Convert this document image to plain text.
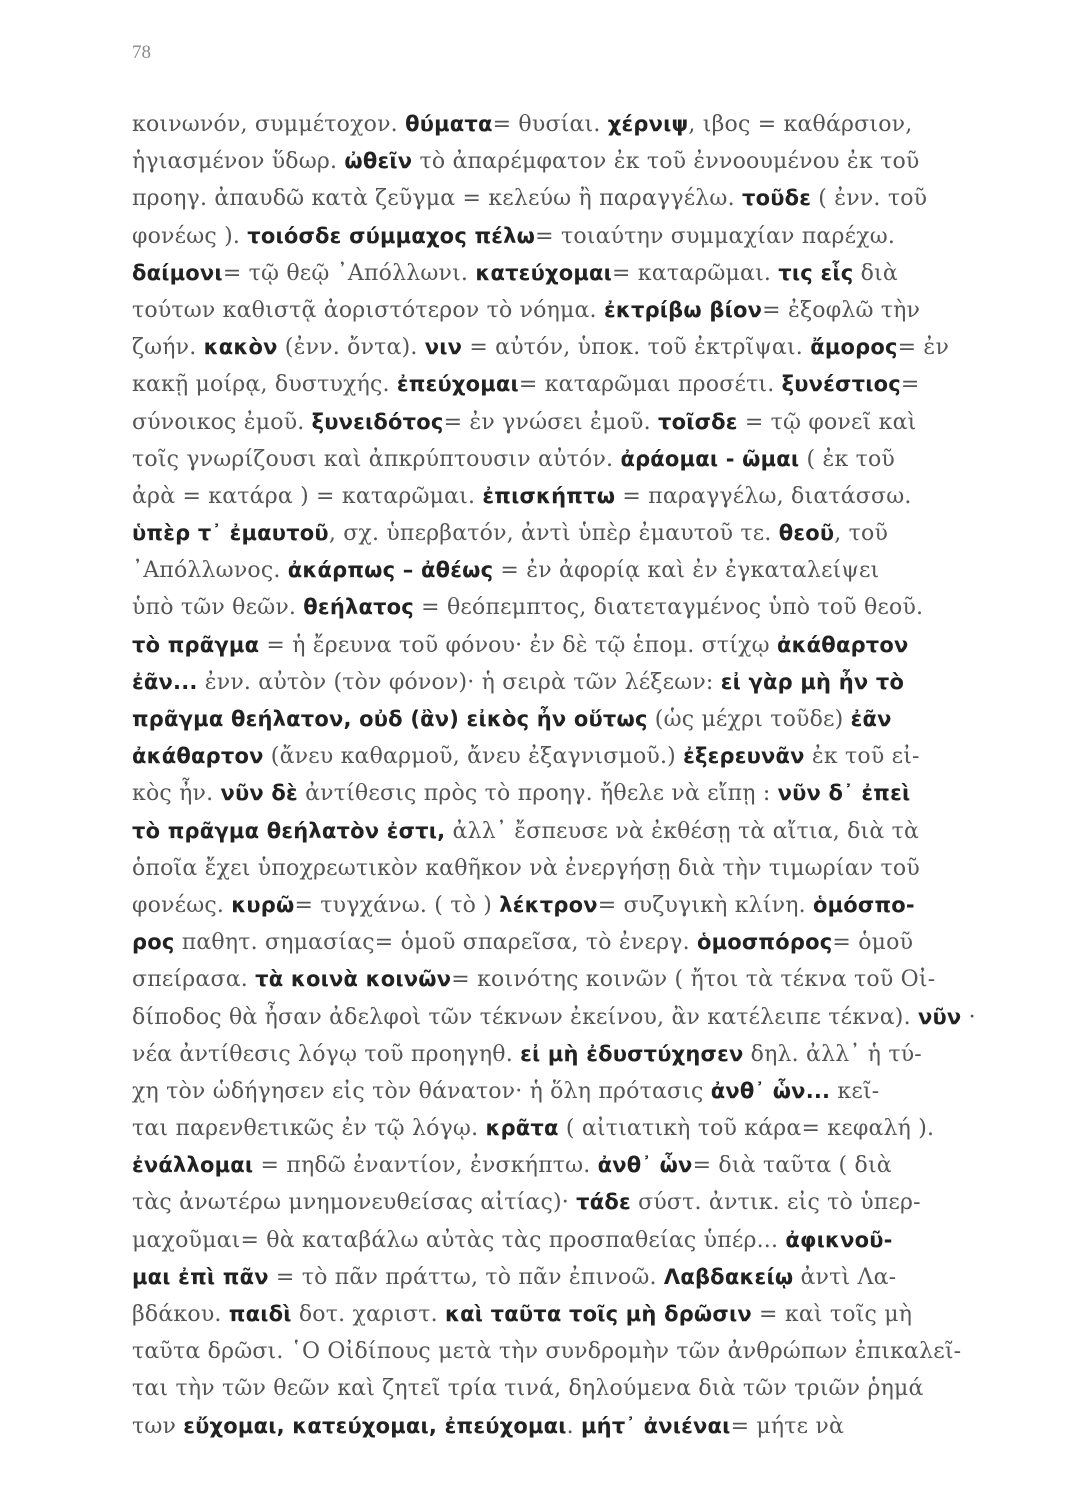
78
κοινωνόν, συμμέτοχον. θύματα= θυσίαι. χέρνιψ, ιβος = καθάρσιον,
ἡγιασμένον ὕδωρ. ὠθεῖν τὸ ἀπαρέμφατον ἐκ τοῦ ἐννοουμένου ἐκ τοῦ
προηγ. ἀπαυδῶ κατὰ ζεῦγμα = κελεύω ἢ παραγγέλω. τοῦδε ( ἐνν. τοῦ
φονέως ). τοιόσδε σύμμαχος πέλω= τοιαύτην συμμαχίαν παρέχω.
δαίμονι= τῷ θεῷ ᾿Απόλλωνι. κατεύχομαι= καταρῶμαι. τις εἷς διὰ
τούτων καθιστᾷ ἀοριστότερον τὸ νόημα. ἐκτρίβω βίον= ἐξοφλῶ τὴν
ζωήν. κακὸν (ἐνν. ὄντα). νιν = αὐτόν, ὑποκ. τοῦ ἐκτρῖψαι. ἄμορος= ἐν
κακῇ μοίρᾳ, δυστυχής. ἐπεύχομαι= καταρῶμαι προσέτι. ξυνέστιος=
σύνοικος ἐμοῦ. ξυνειδότος= ἐν γνώσει ἐμοῦ. τοῖσδε = τῷ φονεῖ καὶ
τοῖς γνωρίζουσι καὶ ἀπκρύπτουσιν αὐτόν. ἀράομαι - ῶμαι ( ἐκ τοῦ
ἀρὰ = κατάρα ) = καταρῶμαι. ἐπισκήπτω = παραγγέλω, διατάσσω.
ὑπὲρ τ᾿ ἐμαυτοῦ, σχ. ὑπερβατόν, ἀντὶ ὑπὲρ ἐμαυτοῦ τε. θεοῦ, τοῦ
᾿Απόλλωνος. ἀκάρπως – ἀθέως = ἐν ἀφορίᾳ καὶ ἐν ἐγκαταλείψει
ὑπὸ τῶν θεῶν. θεήλατος = θεόπεμπτος, διατεταγμένος ὑπὸ τοῦ θεοῦ.
τὸ πρᾶγμα = ἡ ἔρευνα τοῦ φόνου· ἐν δὲ τῷ ἑπομ. στίχῳ ἀκάθαρτον
ἐᾶν... ἐνν. αὐτὸν (τὸν φόνον)· ἡ σειρὰ τῶν λέξεων: εἰ γὰρ μὴ ἦν τὸ
πρᾶγμα θεήλατον, οὐδ (ἂν) εἰκὸς ἦν οὕτως (ὡς μέχρι τοῦδε) ἐᾶν
ἀκάθαρτον (ἄνευ καθαρμοῦ, ἄνευ ἐξαγνισμοῦ.) ἐξερευνᾶν ἐκ τοῦ εἰ-
κὸς ἦν. νῦν δὲ ἀντίθεσις πρὸς τὸ προηγ. ἤθελε νὰ εἴπῃ : νῦν δ᾿ ἐπεὶ
τὸ πρᾶγμα θεήλατὸν ἐστι, ἀλλ᾿ ἔσπευσε νὰ ἐκθέσῃ τὰ αἴτια, διὰ τὰ
ὁποῖα ἔχει ὑποχρεωτικὸν καθῆκον νὰ ἐνεργήσῃ διὰ τὴν τιμωρίαν τοῦ
φονέως. κυρῶ= τυγχάνω. ( τὸ ) λέκτρον= συζυγικὴ κλίνη. ὁμόσπο-
ρος παθητ. σημασίας= ὁμοῦ σπαρεῖσα, τὸ ἐνεργ. ὁμοσπόρος= ὁμοῦ
σπείρασα. τὰ κοινὰ κοινῶν= κοινότης κοινῶν ( ἤτοι τὰ τέκνα τοῦ Οἰ-
δίποδος θὰ ἦσαν ἀδελφοὶ τῶν τέκνων ἐκείνου, ἂν κατέλειπε τέκνα). νῦν ·
νέα ἀντίθεσις λόγῳ τοῦ προηγηθ. εἰ μὴ ἐδυστύχησεν δηλ. ἀλλ᾿ ἡ τύ-
χη τὸν ὡδήγησεν εἰς τὸν θάνατον· ἡ ὅλη πρότασις ἀνθ᾿ ὧν... κεῖ-
ται παρενθετικῶς ἐν τῷ λόγῳ. κρᾶτα ( αἰτιατικὴ τοῦ κάρα= κεφαλή ).
ἐνάλλομαι = πηδῶ ἐναντίον, ἐνσκήπτω. ἀνθ᾿ ὧν= διὰ ταῦτα ( διὰ
τὰς ἀνωτέρω μνημονευθείσας αἰτίας)· τάδε σύστ. ἀντικ. εἰς τὸ ὑπερ-
μαχοῦμαι= θὰ καταβάλω αὐτὰς τὰς προσπαθείας ὑπέρ... ἀφικνοῦ-
μαι ἐπὶ πᾶν = τὸ πᾶν πράττω, τὸ πᾶν ἐπινοῶ. Λαβδακείῳ ἀντὶ Λα-
βδάκου. παιδὶ δοτ. χαριστ. καὶ ταῦτα τοῖς μὴ δρῶσιν = καὶ τοῖς μὴ
ταῦτα δρῶσι. ῾Ο Οἰδίπους μετὰ τὴν συνδρομὴν τῶν ἀνθρώπων ἐπικαλεῖ-
ται τὴν τῶν θεῶν καὶ ζητεῖ τρία τινά, δηλούμενα διὰ τῶν τριῶν ῥημά
των εὔχομαι, κατεύχομαι, ἐπεύχομαι. μήτ᾿ ἀνιέναι= μήτε νὰ
